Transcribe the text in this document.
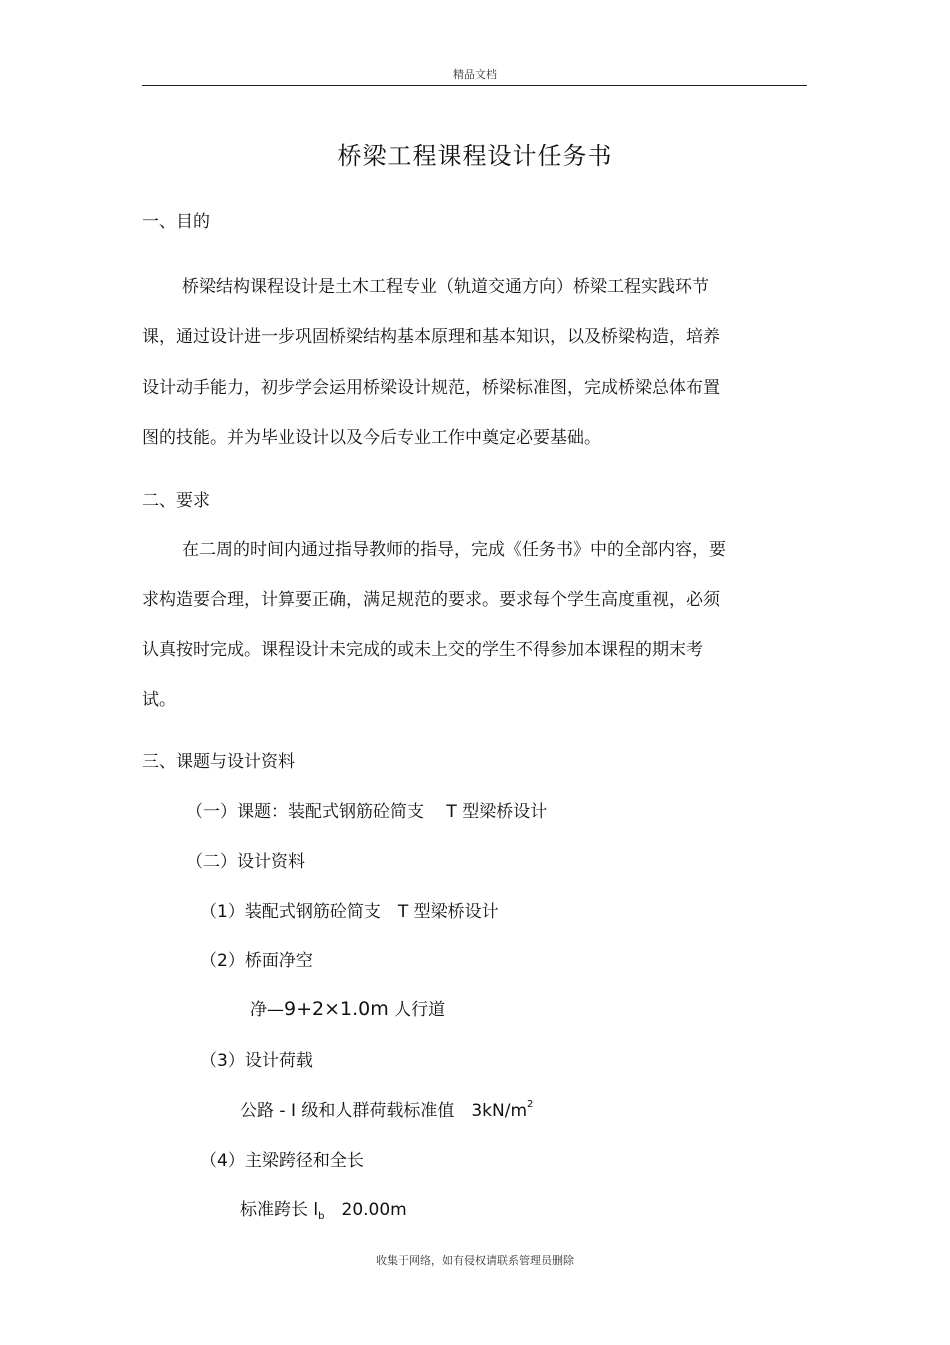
精品文档
桥梁工程课程设计任务书
一、目的
桥梁结构课程设计是土木工程专业（轨道交通方向）桥梁工程实践环节
课，通过设计进一步巩固桥梁结构基本原理和基本知识，以及桥梁构造，培养
设计动手能力，初步学会运用桥梁设计规范，桥梁标准图，完成桥梁总体布置
图的技能。并为毕业设计以及今后专业工作中奠定必要基础。
二、要求
在二周的时间内通过指导教师的指导，完成《任务书》中的全部内容，要
求构造要合理，计算要正确，满足规范的要求。要求每个学生高度重视，必须
认真按时完成。课程设计未完成的或未上交的学生不得参加本课程的期末考
试。
三、课题与设计资料
（一）课题：装配式钢筋砼简支　 T 型梁桥设计
（二）设计资料
（1）装配式钢筋砼简支　T 型梁桥设计
（2）桥面净空
净—9+2×1.0m 人行道
（3）设计荷载
公路 - I 级和人群荷载标准值　$3kN/m^2$
（4）主梁跨径和全长
标准跨长 $l_b$　20.00m
收集于网络，如有侵权请联系管理员删除
